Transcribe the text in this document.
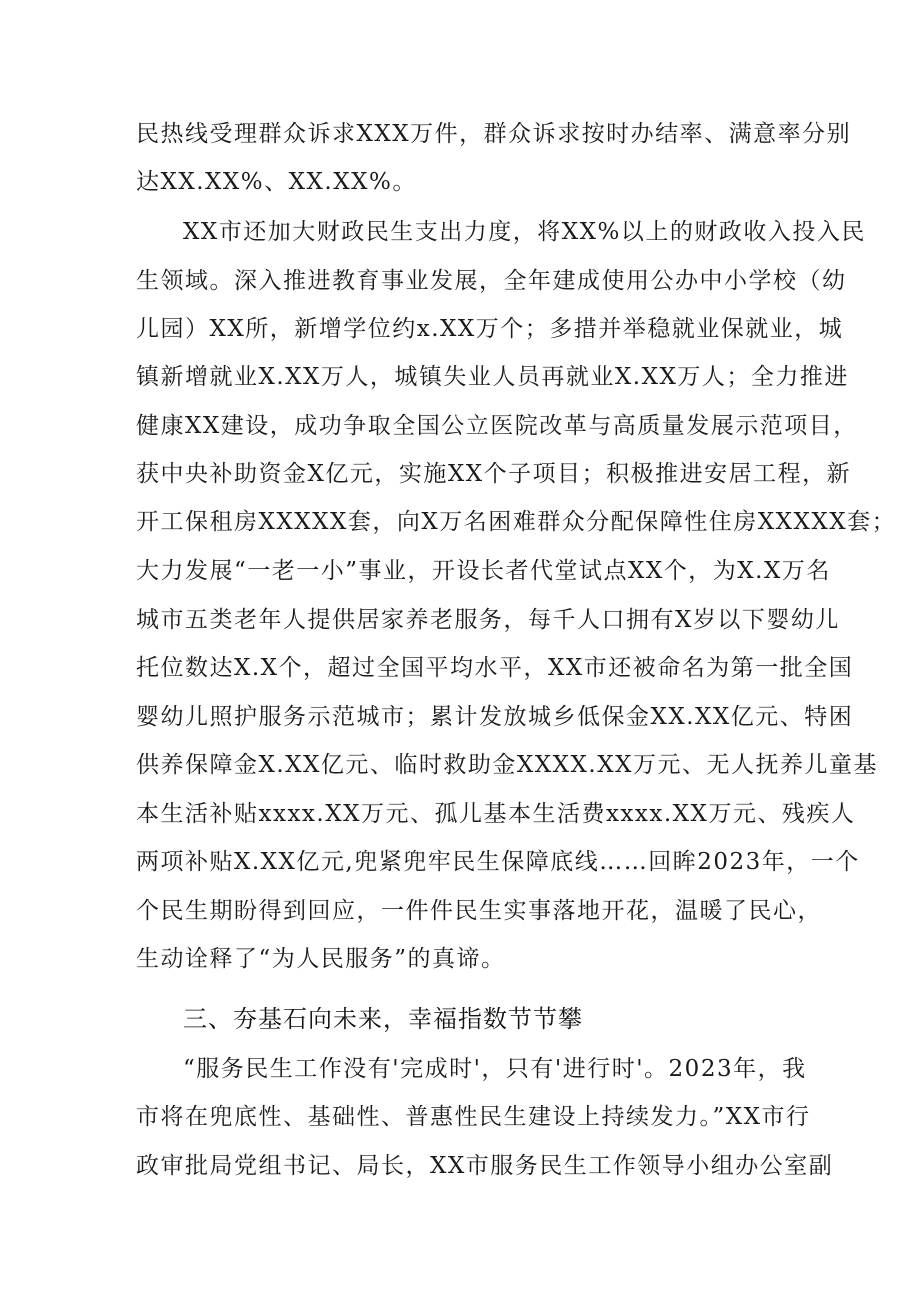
民热线受理群众诉求XXX万件，群众诉求按时办结率、满意率分别
达XX.XX%、XX.XX%。
XX市还加大财政民生支出力度，将XX%以上的财政收入投入民
生领域。深入推进教育事业发展，全年建成使用公办中小学校（幼
儿园）XX所，新增学位约x.XX万个；多措并举稳就业保就业，城
镇新增就业X.XX万人，城镇失业人员再就业X.XX万人；全力推进
健康XX建设，成功争取全国公立医院改革与高质量发展示范项目，
获中央补助资金X亿元，实施XX个子项目；积极推进安居工程，新
开工保租房XXXXX套，向X万名困难群众分配保障性住房XXXXX套；
大力发展“一老一小”事业，开设长者代堂试点XX个，为X.X万名
城市五类老年人提供居家养老服务，每千人口拥有X岁以下婴幼儿
托位数达X.X个，超过全国平均水平，XX市还被命名为第一批全国
婴幼儿照护服务示范城市；累计发放城乡低保金XX.XX亿元、特困
供养保障金X.XX亿元、临时救助金XXXX.XX万元、无人抚养儿童基
本生活补贴xxxx.XX万元、孤儿基本生活费xxxx.XX万元、残疾人
两项补贴X.XX亿元,兜紧兜牢民生保障底线……回眸2023年，一个
个民生期盼得到回应，一件件民生实事落地开花，温暖了民心，
生动诠释了“为人民服务”的真谛。
三、夯基石向未来，幸福指数节节攀
“服务民生工作没有'完成时'，只有'进行时'。2023年，我
市将在兜底性、基础性、普惠性民生建设上持续发力。”XX市行
政审批局党组书记、局长，XX市服务民生工作领导小组办公室副
